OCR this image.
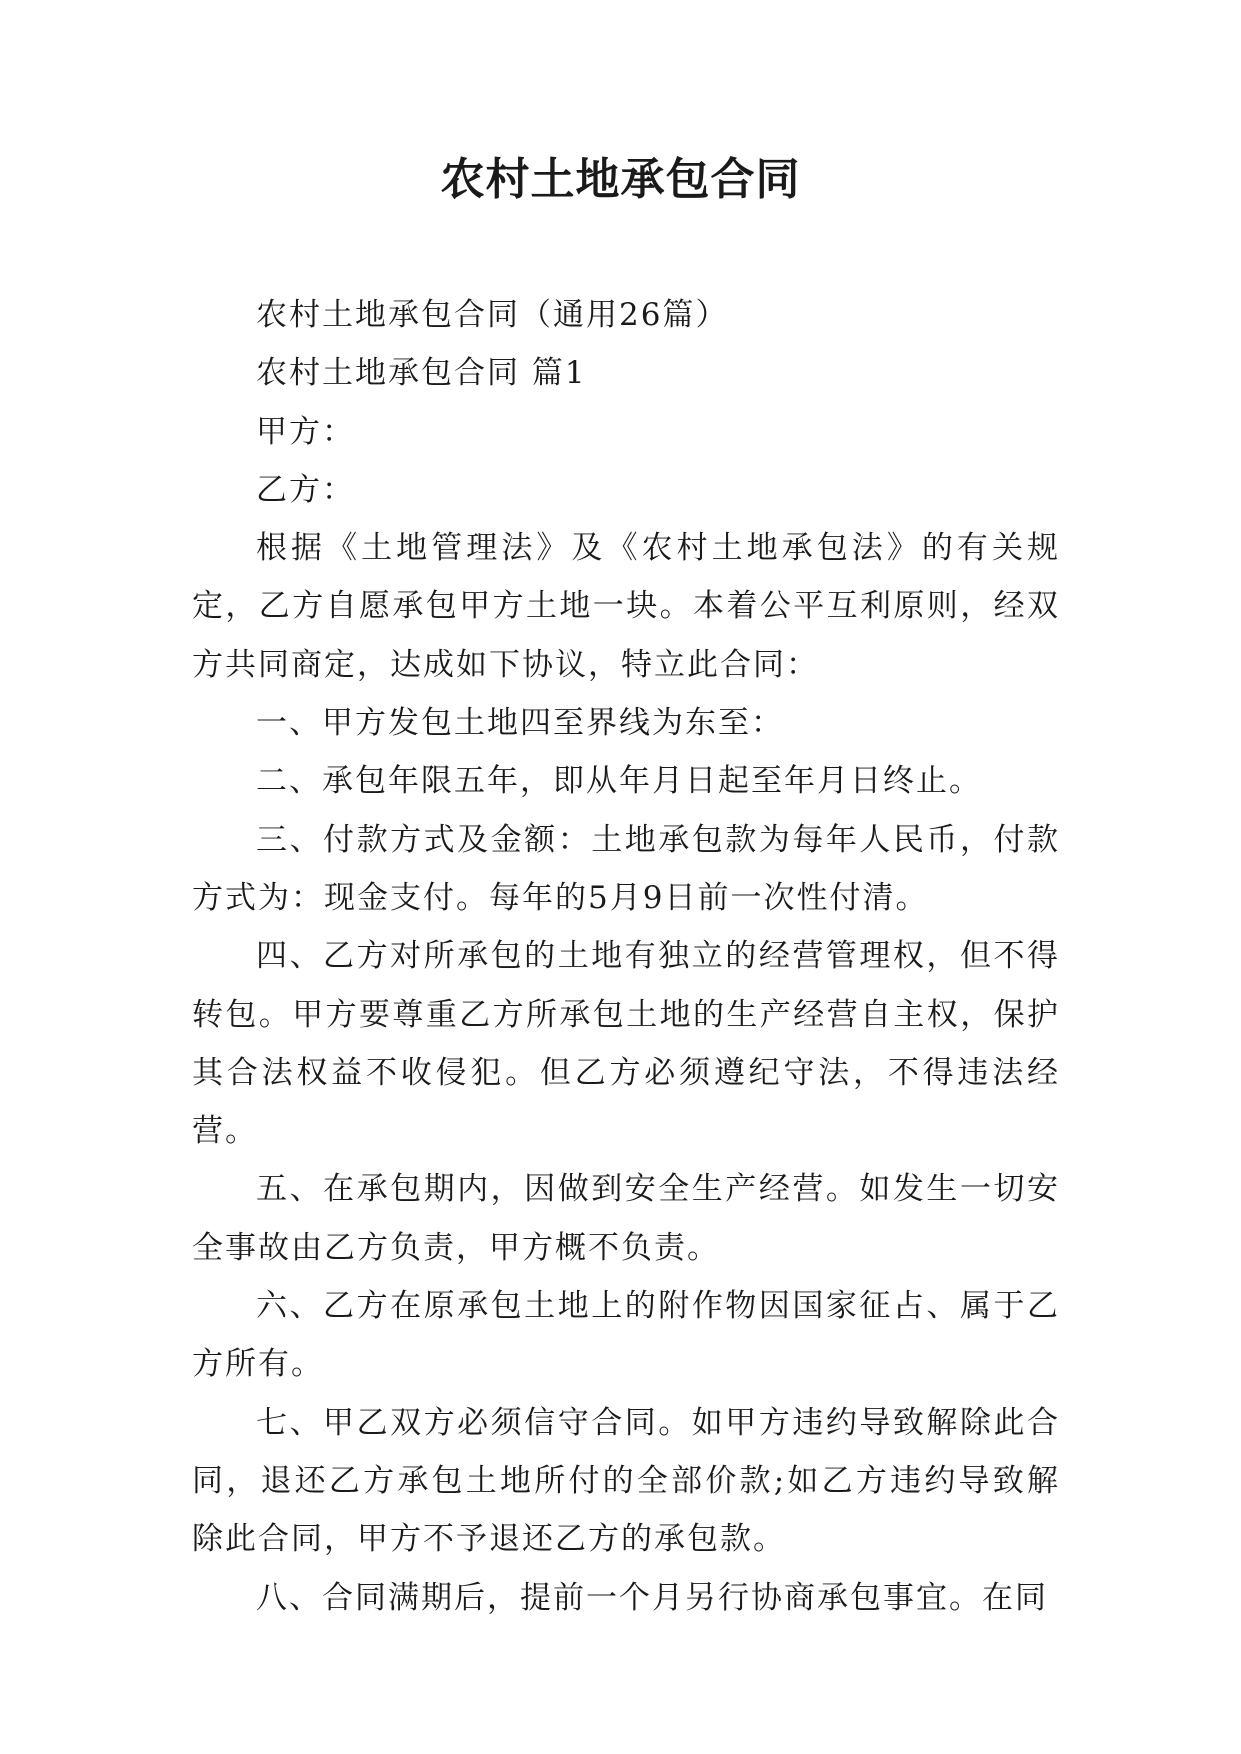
农村土地承包合同

农村土地承包合同（通用26篇）

农村土地承包合同 篇1

甲方：

乙方：

根据《土地管理法》及《农村土地承包法》的有关规定，乙方自愿承包甲方土地一块。本着公平互利原则，经双方共同商定，达成如下协议，特立此合同：

一、甲方发包土地四至界线为东至：

二、承包年限五年，即从年月日起至年月日终止。

三、付款方式及金额：土地承包款为每年人民币，付款方式为：现金支付。每年的5月9日前一次性付清。

四、乙方对所承包的土地有独立的经营管理权，但不得转包。甲方要尊重乙方所承包土地的生产经营自主权，保护其合法权益不收侵犯。但乙方必须遵纪守法，不得违法经营。

五、在承包期内，因做到安全生产经营。如发生一切安全事故由乙方负责，甲方概不负责。

六、乙方在原承包土地上的附作物因国家征占、属于乙方所有。

七、甲乙双方必须信守合同。如甲方违约导致解除此合同，退还乙方承包土地所付的全部价款;如乙方违约导致解除此合同，甲方不予退还乙方的承包款。

八、合同满期后，提前一个月另行协商承包事宜。在同
